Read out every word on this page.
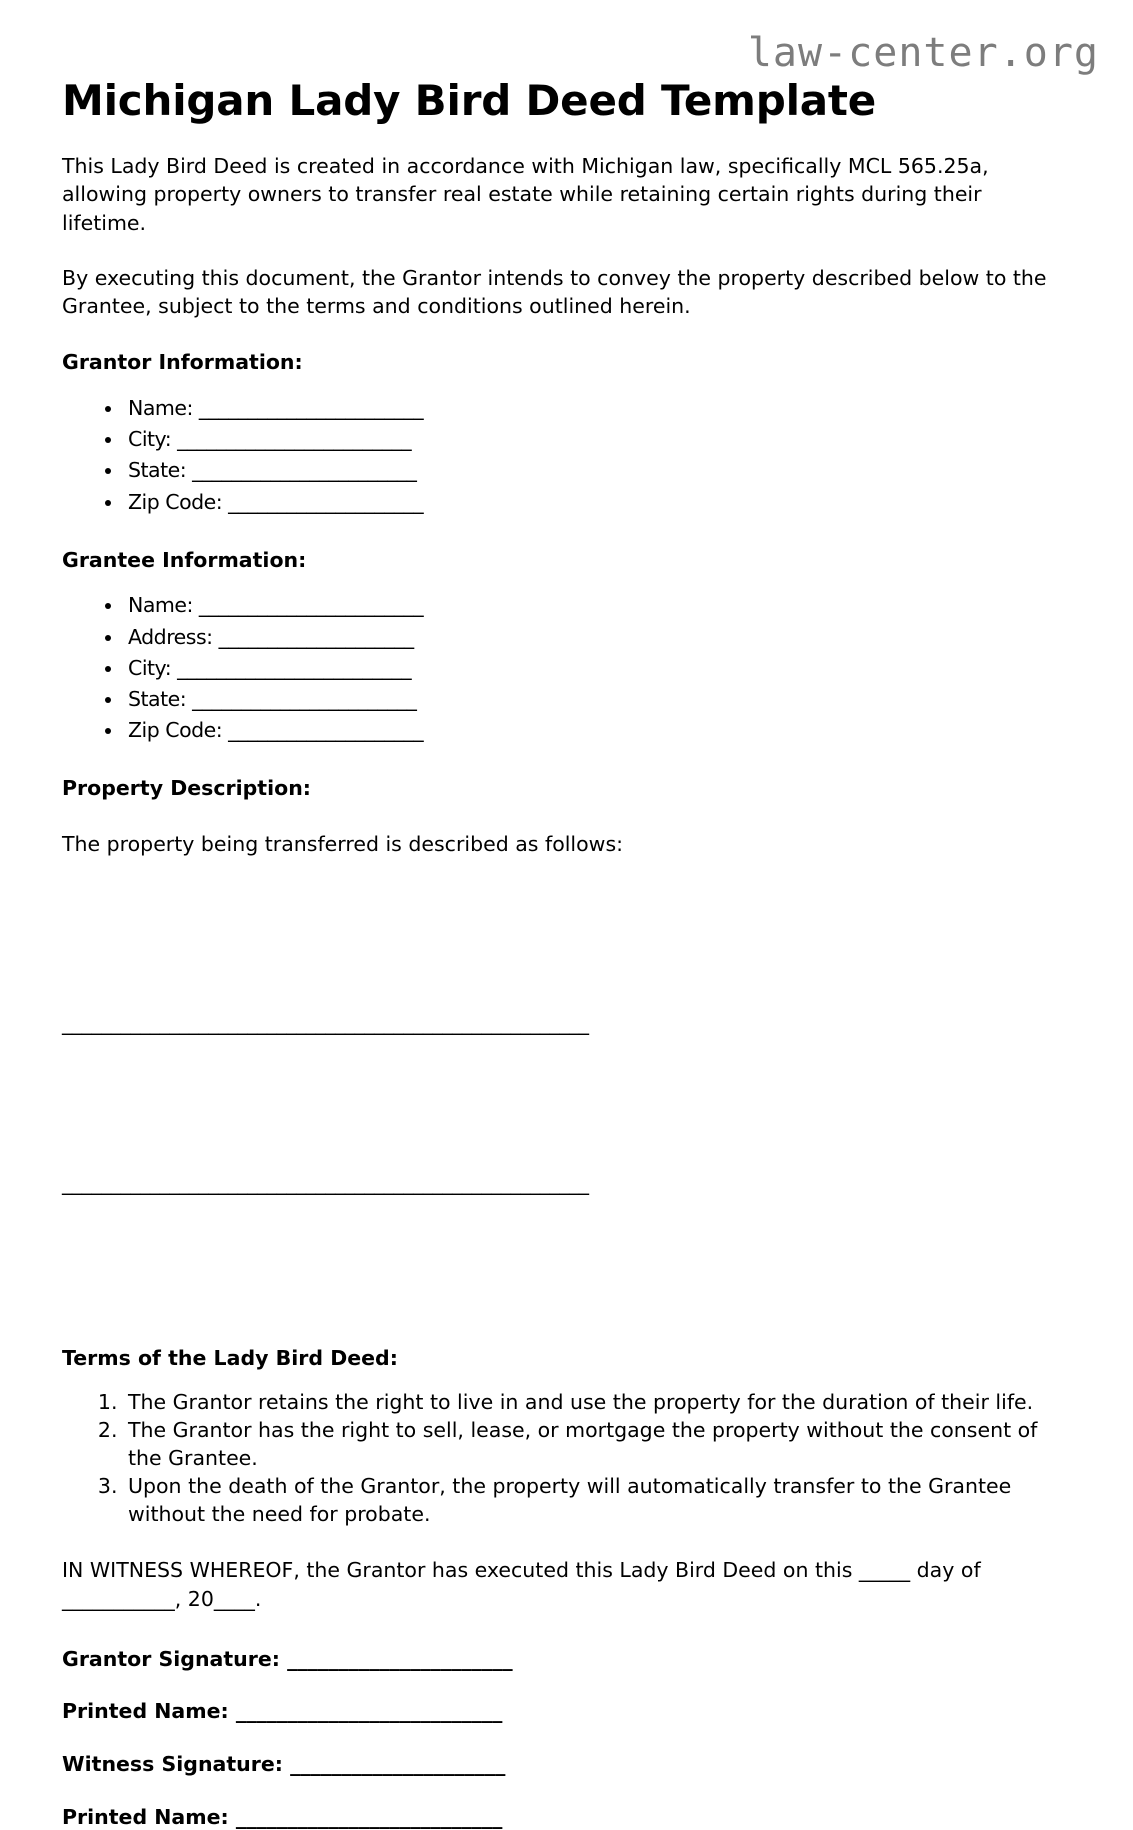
law-center.org
Michigan Lady Bird Deed Template

This Lady Bird Deed is created in accordance with Michigan law, specifically MCL 565.25a, allowing property owners to transfer real estate while retaining certain rights during their lifetime.

By executing this document, the Grantor intends to convey the property described below to the Grantee, subject to the terms and conditions outlined herein.

Grantor Information:
• Name: _______________________
• City: ________________________
• State: _______________________
• Zip Code: ____________________
Grantee Information:
• Name: _______________________
• Address: ____________________
• City: ________________________
• State: _______________________
• Zip Code: ____________________
Property Description:

The property being transferred is described as follows:

______________________________________________________

______________________________________________________

Terms of the Lady Bird Deed:
1. The Grantor retains the right to live in and use the property for the duration of their life.
2. The Grantor has the right to sell, lease, or mortgage the property without the consent of the Grantee.
3. Upon the death of the Grantor, the property will automatically transfer to the Grantee without the need for probate.

IN WITNESS WHEREOF, the Grantor has executed this Lady Bird Deed on this _____ day of ___________, 20____.

Grantor Signature: ______________________
Printed Name: __________________________
Witness Signature: _____________________
Printed Name: __________________________
